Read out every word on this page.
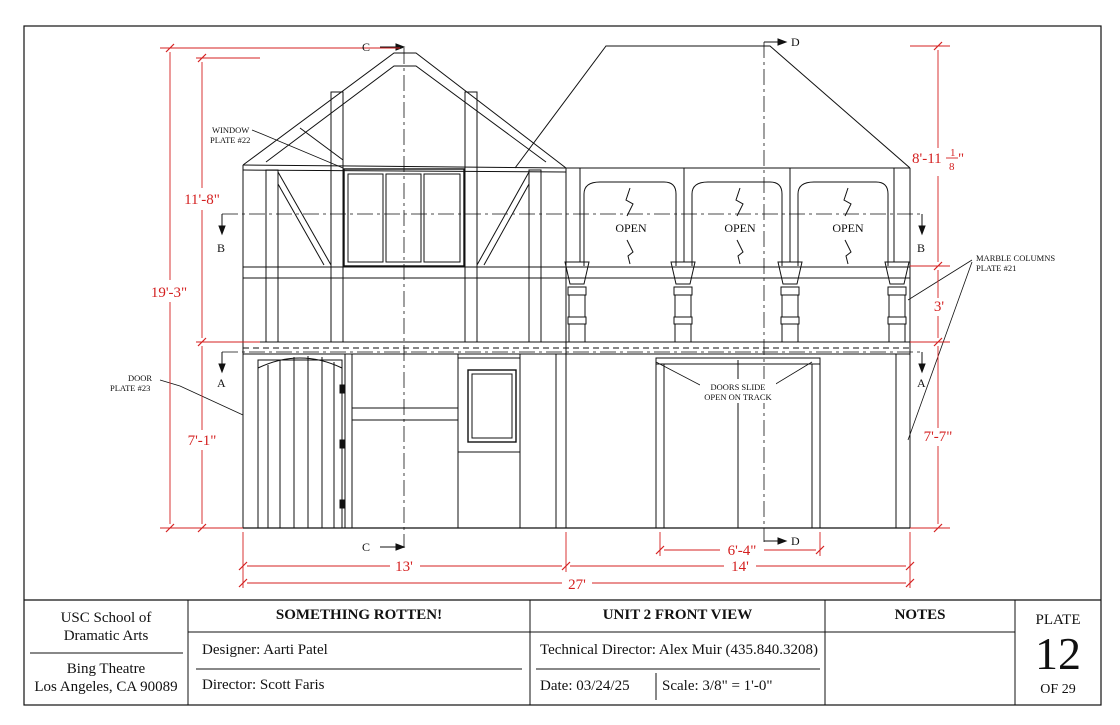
19'-3"
11'-8"
7'-1"
8'-11 1
8 "
3'
7'-7"
13'	14'
6'-4"
27'
C
C
D
D
B	B
A	A
WINDOW
PLATE #22
DOOR
PLATE #23
MARBLE COLUMNS
PLATE #21
DOORS SLIDE
OPEN ON TRACK
OPEN	OPEN	OPEN
USC School of
Dramatic Arts
Bing Theatre
Los Angeles, CA 90089
SOMETHING ROTTEN!
Designer: Aarti Patel
Director: Scott Faris
UNIT 2 FRONT VIEW
Technical Director: Alex Muir (435.840.3208)
Date: 03/24/25 Scale: 3/8" = 1'-0"
NOTES	PLATE
12
OF 29
